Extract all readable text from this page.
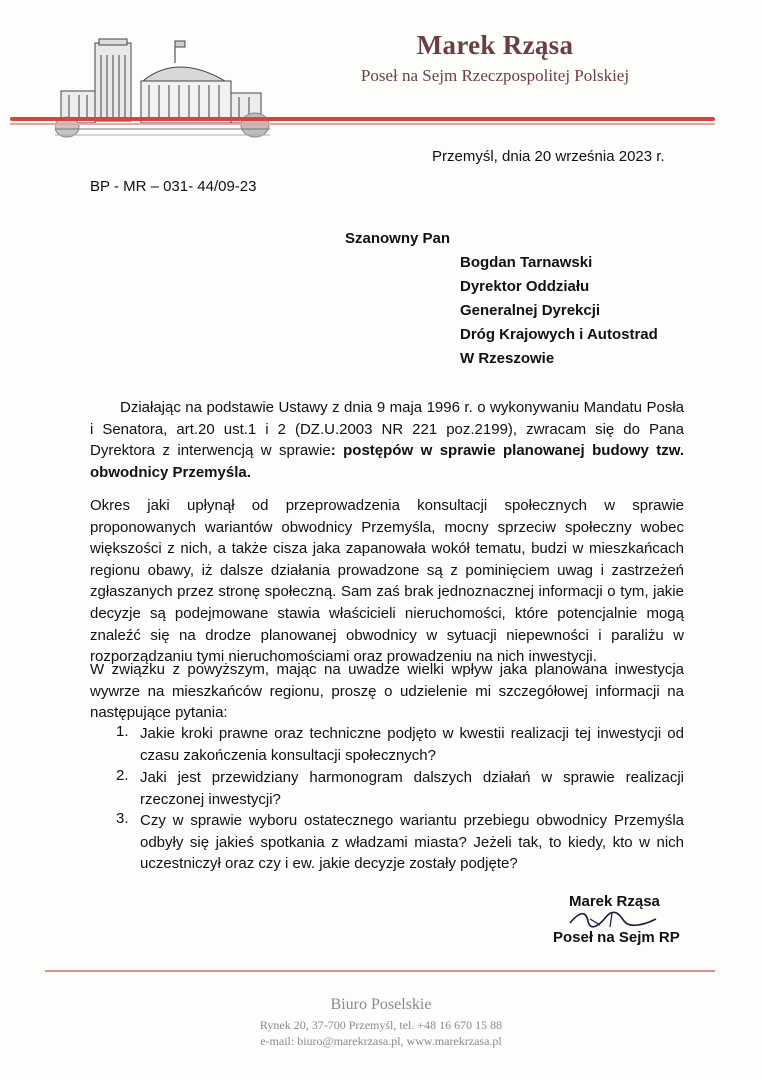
Marek Rząsa
Poseł na Sejm Rzeczpospolitej Polskiej
Przemyśl, dnia 20 września 2023 r.
BP - MR – 031- 44/09-23
Szanowny Pan
Bogdan Tarnawski
Dyrektor Oddziału
Generalnej Dyrekcji
Dróg Krajowych i Autostrad
W Rzeszowie
Działając na podstawie Ustawy z dnia 9 maja 1996 r. o wykonywaniu Mandatu Posła i Senatora, art.20 ust.1 i 2 (DZ.U.2003 NR 221 poz.2199), zwracam się do Pana Dyrektora z interwencją w sprawie: postępów w sprawie planowanej budowy tzw. obwodnicy Przemyśla.
Okres jaki upłynął od przeprowadzenia konsultacji społecznych w sprawie proponowanych wariantów obwodnicy Przemyśla, mocny sprzeciw społeczny wobec większości z nich, a także cisza jaka zapanowała wokół tematu, budzi w mieszkańcach regionu obawy, iż dalsze działania prowadzone są z pominięciem uwag i zastrzeżeń zgłaszanych przez stronę społeczną. Sam zaś brak jednoznacznej informacji o tym, jakie decyzje są podejmowane stawia właścicieli nieruchomości, które potencjalnie mogą znaleźć się na drodze planowanej obwodnicy w sytuacji niepewności i paraliżu w rozporządzaniu tymi nieruchomościami oraz prowadzeniu na nich inwestycji.
W związku z powyższym, mając na uwadze wielki wpływ jaka planowana inwestycja wywrze na mieszkańców regionu, proszę o udzielenie mi szczegółowej informacji na następujące pytania:
1. Jakie kroki prawne oraz techniczne podjęto w kwestii realizacji tej inwestycji od czasu zakończenia konsultacji społecznych?
2. Jaki jest przewidziany harmonogram dalszych działań w sprawie realizacji rzeczonej inwestycji?
3. Czy w sprawie wyboru ostatecznego wariantu przebiegu obwodnicy Przemyśla odbyły się jakieś spotkania z władzami miasta? Jeżeli tak, to kiedy, kto w nich uczestniczył oraz czy i ew. jakie decyzje zostały podjęte?
Marek Rząsa
Poseł na Sejm RP
Biuro Poselskie
Rynek 20, 37-700 Przemyśl, tel. +48 16 670 15 88
e-mail: biuro@marekrzasa.pl, www.marekrzasa.pl
